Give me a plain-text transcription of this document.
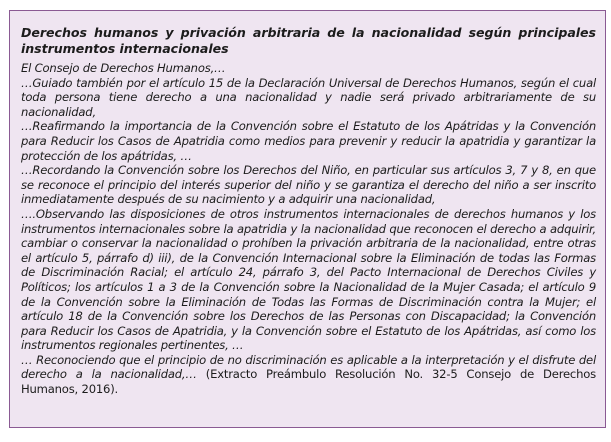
Derechos humanos y privación arbitraria de la nacionalidad según principales instrumentos internacionales
El Consejo de Derechos Humanos,…
…Guiado también por el artículo 15 de la Declaración Universal de Derechos Humanos, según el cual toda persona tiene derecho a una nacionalidad y nadie será privado arbitrariamente de su nacionalidad,
…Reafirmando la importancia de la Convención sobre el Estatuto de los Apátridas y la Convención para Reducir los Casos de Apatridia como medios para prevenir y reducir la apatridia y garantizar la protección de los apátridas, …
…Recordando la Convención sobre los Derechos del Niño, en particular sus artículos 3, 7 y 8, en que se reconoce el principio del interés superior del niño y se garantiza el derecho del niño a ser inscrito inmediatamente después de su nacimiento y a adquirir una nacionalidad,
….Observando las disposiciones de otros instrumentos internacionales de derechos humanos y los instrumentos internacionales sobre la apatridia y la nacionalidad que reconocen el derecho a adquirir, cambiar o conservar la nacionalidad o prohíben la privación arbitraria de la nacionalidad, entre otras el artículo 5, párrafo d) iii), de la Convención Internacional sobre la Eliminación de todas las Formas de Discriminación Racial; el artículo 24, párrafo 3, del Pacto Internacional de Derechos Civiles y Políticos; los artículos 1 a 3 de la Convención sobre la Nacionalidad de la Mujer Casada; el artículo 9 de la Convención sobre la Eliminación de Todas las Formas de Discriminación contra la Mujer; el artículo 18 de la Convención sobre los Derechos de las Personas con Discapacidad; la Convención para Reducir los Casos de Apatridia, y la Convención sobre el Estatuto de los Apátridas, así como los instrumentos regionales pertinentes, …
… Reconociendo que el principio de no discriminación es aplicable a la interpretación y el disfrute del derecho a la nacionalidad,… (Extracto Preámbulo Resolución No. 32-5 Consejo de Derechos Humanos, 2016).
